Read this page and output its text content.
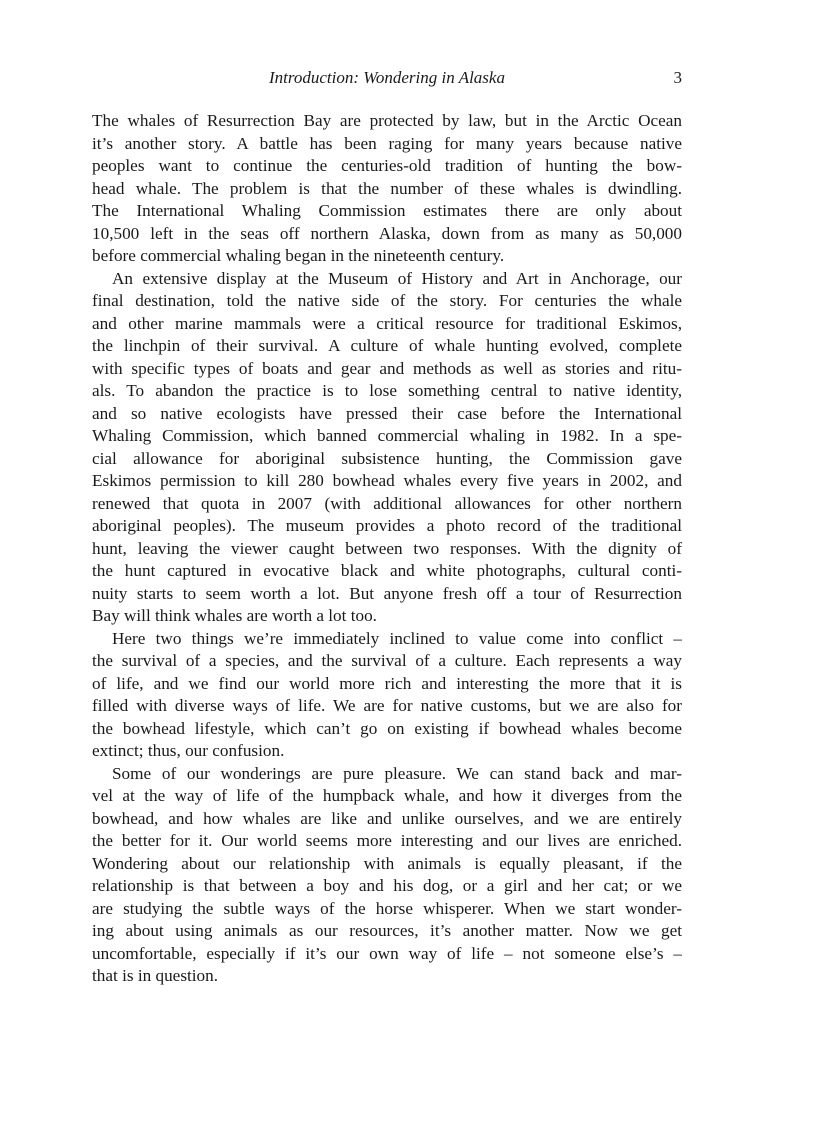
Introduction: Wondering in Alaska	3
The whales of Resurrection Bay are protected by law, but in the Arctic Ocean
it’s another story. A battle has been raging for many years because native
peoples want to continue the centuries-old tradition of hunting the bow-
head whale. The problem is that the number of these whales is dwindling.
The International Whaling Commission estimates there are only about
10,500 left in the seas off northern Alaska, down from as many as 50,000
before commercial whaling began in the nineteenth century.
An extensive display at the Museum of History and Art in Anchorage, our
final destination, told the native side of the story. For centuries the whale
and other marine mammals were a critical resource for traditional Eskimos,
the linchpin of their survival. A culture of whale hunting evolved, complete
with specific types of boats and gear and methods as well as stories and ritu-
als. To abandon the practice is to lose something central to native identity,
and so native ecologists have pressed their case before the International
Whaling Commission, which banned commercial whaling in 1982. In a spe-
cial allowance for aboriginal subsistence hunting, the Commission gave
Eskimos permission to kill 280 bowhead whales every five years in 2002, and
renewed that quota in 2007 (with additional allowances for other northern
aboriginal peoples). The museum provides a photo record of the traditional
hunt, leaving the viewer caught between two responses. With the dignity of
the hunt captured in evocative black and white photographs, cultural conti-
nuity starts to seem worth a lot. But anyone fresh off a tour of Resurrection
Bay will think whales are worth a lot too.
Here two things we’re immediately inclined to value come into conflict –
the survival of a species, and the survival of a culture. Each represents a way
of life, and we find our world more rich and interesting the more that it is
filled with diverse ways of life. We are for native customs, but we are also for
the bowhead lifestyle, which can’t go on existing if bowhead whales become
extinct; thus, our confusion.
Some of our wonderings are pure pleasure. We can stand back and mar-
vel at the way of life of the humpback whale, and how it diverges from the
bowhead, and how whales are like and unlike ourselves, and we are entirely
the better for it. Our world seems more interesting and our lives are enriched.
Wondering about our relationship with animals is equally pleasant, if the
relationship is that between a boy and his dog, or a girl and her cat; or we
are studying the subtle ways of the horse whisperer. When we start wonder-
ing about using animals as our resources, it’s another matter. Now we get
uncomfortable, especially if it’s our own way of life – not someone else’s –
that is in question.
